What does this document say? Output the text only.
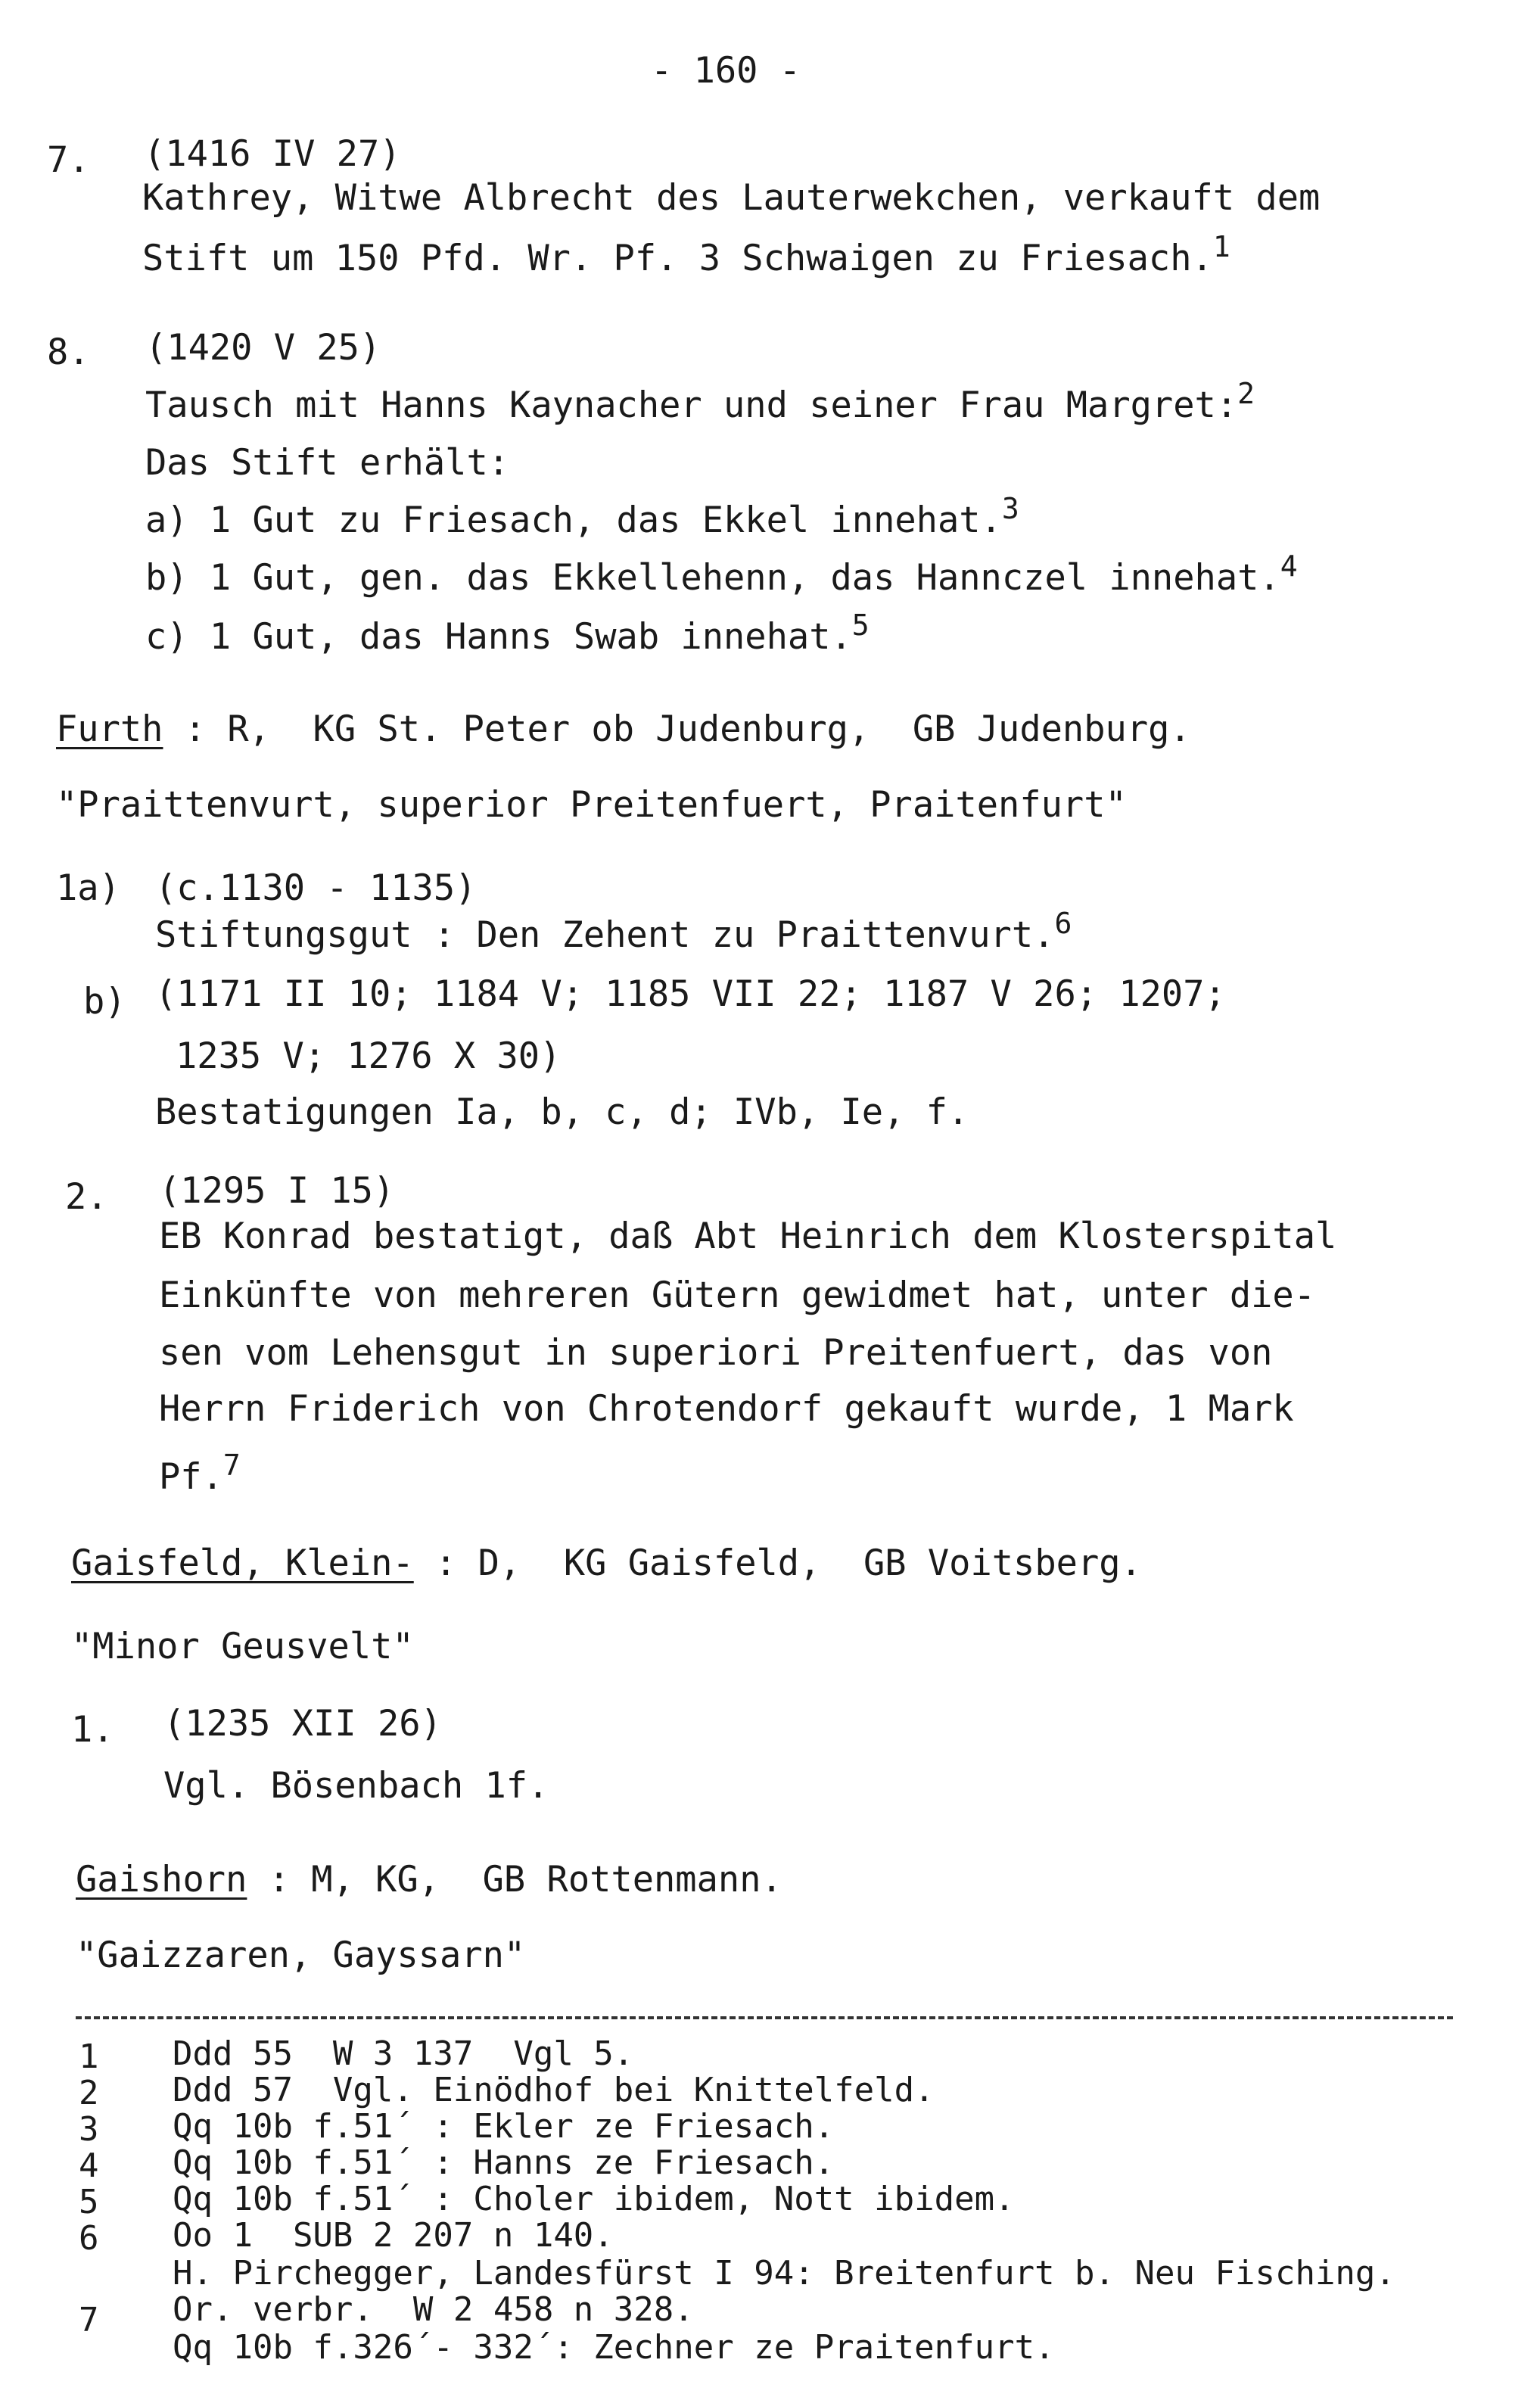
- 160 -
7. (1416 IV 27)
Kathrey, Witwe Albrecht des Lauterwekchen, verkauft dem
Stift um 150 Pfd. Wr. Pf. 3 Schwaigen zu Friesach.$^1$
8. (1420 V 25)
Tausch mit Hanns Kaynacher und seiner Frau Margret:$^2$
Das Stift erhält:
a) 1 Gut zu Friesach, das Ekkel innehat.$^3$
b) 1 Gut, gen. das Ekkellehenn, das Hannczel innehat.$^4$
c) 1 Gut, das Hanns Swab innehat.$^5$
Furth : R,  KG St. Peter ob Judenburg,  GB Judenburg.
"Praittenvurt, superior Preitenfuert, Praitenfurt"
1a) (c.1130 - 1135)
Stiftungsgut : Den Zehent zu Praittenvurt.$^6$
b) (1171 II 10; 1184 V; 1185 VII 22; 1187 V 26; 1207;
1235 V; 1276 X 30)
Bestatigungen Ia, b, c, d; IVb, Ie, f.
2. (1295 I 15)
EB Konrad bestatigt, daß Abt Heinrich dem Klosterspital
Einkünfte von mehreren Gütern gewidmet hat, unter die-
sen vom Lehensgut in superiori Preitenfuert, das von
Herrn Friderich von Chrotendorf gekauft wurde, 1 Mark
Pf.$^7$
Gaisfeld, Klein- : D,  KG Gaisfeld,  GB Voitsberg.
"Minor Geusvelt"
1. (1235 XII 26)
Vgl. Bösenbach 1f.
Gaishorn : M, KG,  GB Rottenmann.
"Gaizzaren, Gayssarn"
1 Ddd 55  W 3 137  Vgl 5.
2 Ddd 57  Vgl. Einödhof bei Knittelfeld.
3 Qq 10b f.51´ : Ekler ze Friesach.
4 Qq 10b f.51´ : Hanns ze Friesach.
5 Qq 10b f.51´ : Choler ibidem, Nott ibidem.
6 Oo 1  SUB 2 207 n 140.
H. Pirchegger, Landesfürst I 94: Breitenfurt b. Neu Fisching.
7 Or. verbr.  W 2 458 n 328.
Qq 10b f.326´- 332´: Zechner ze Praitenfurt.
